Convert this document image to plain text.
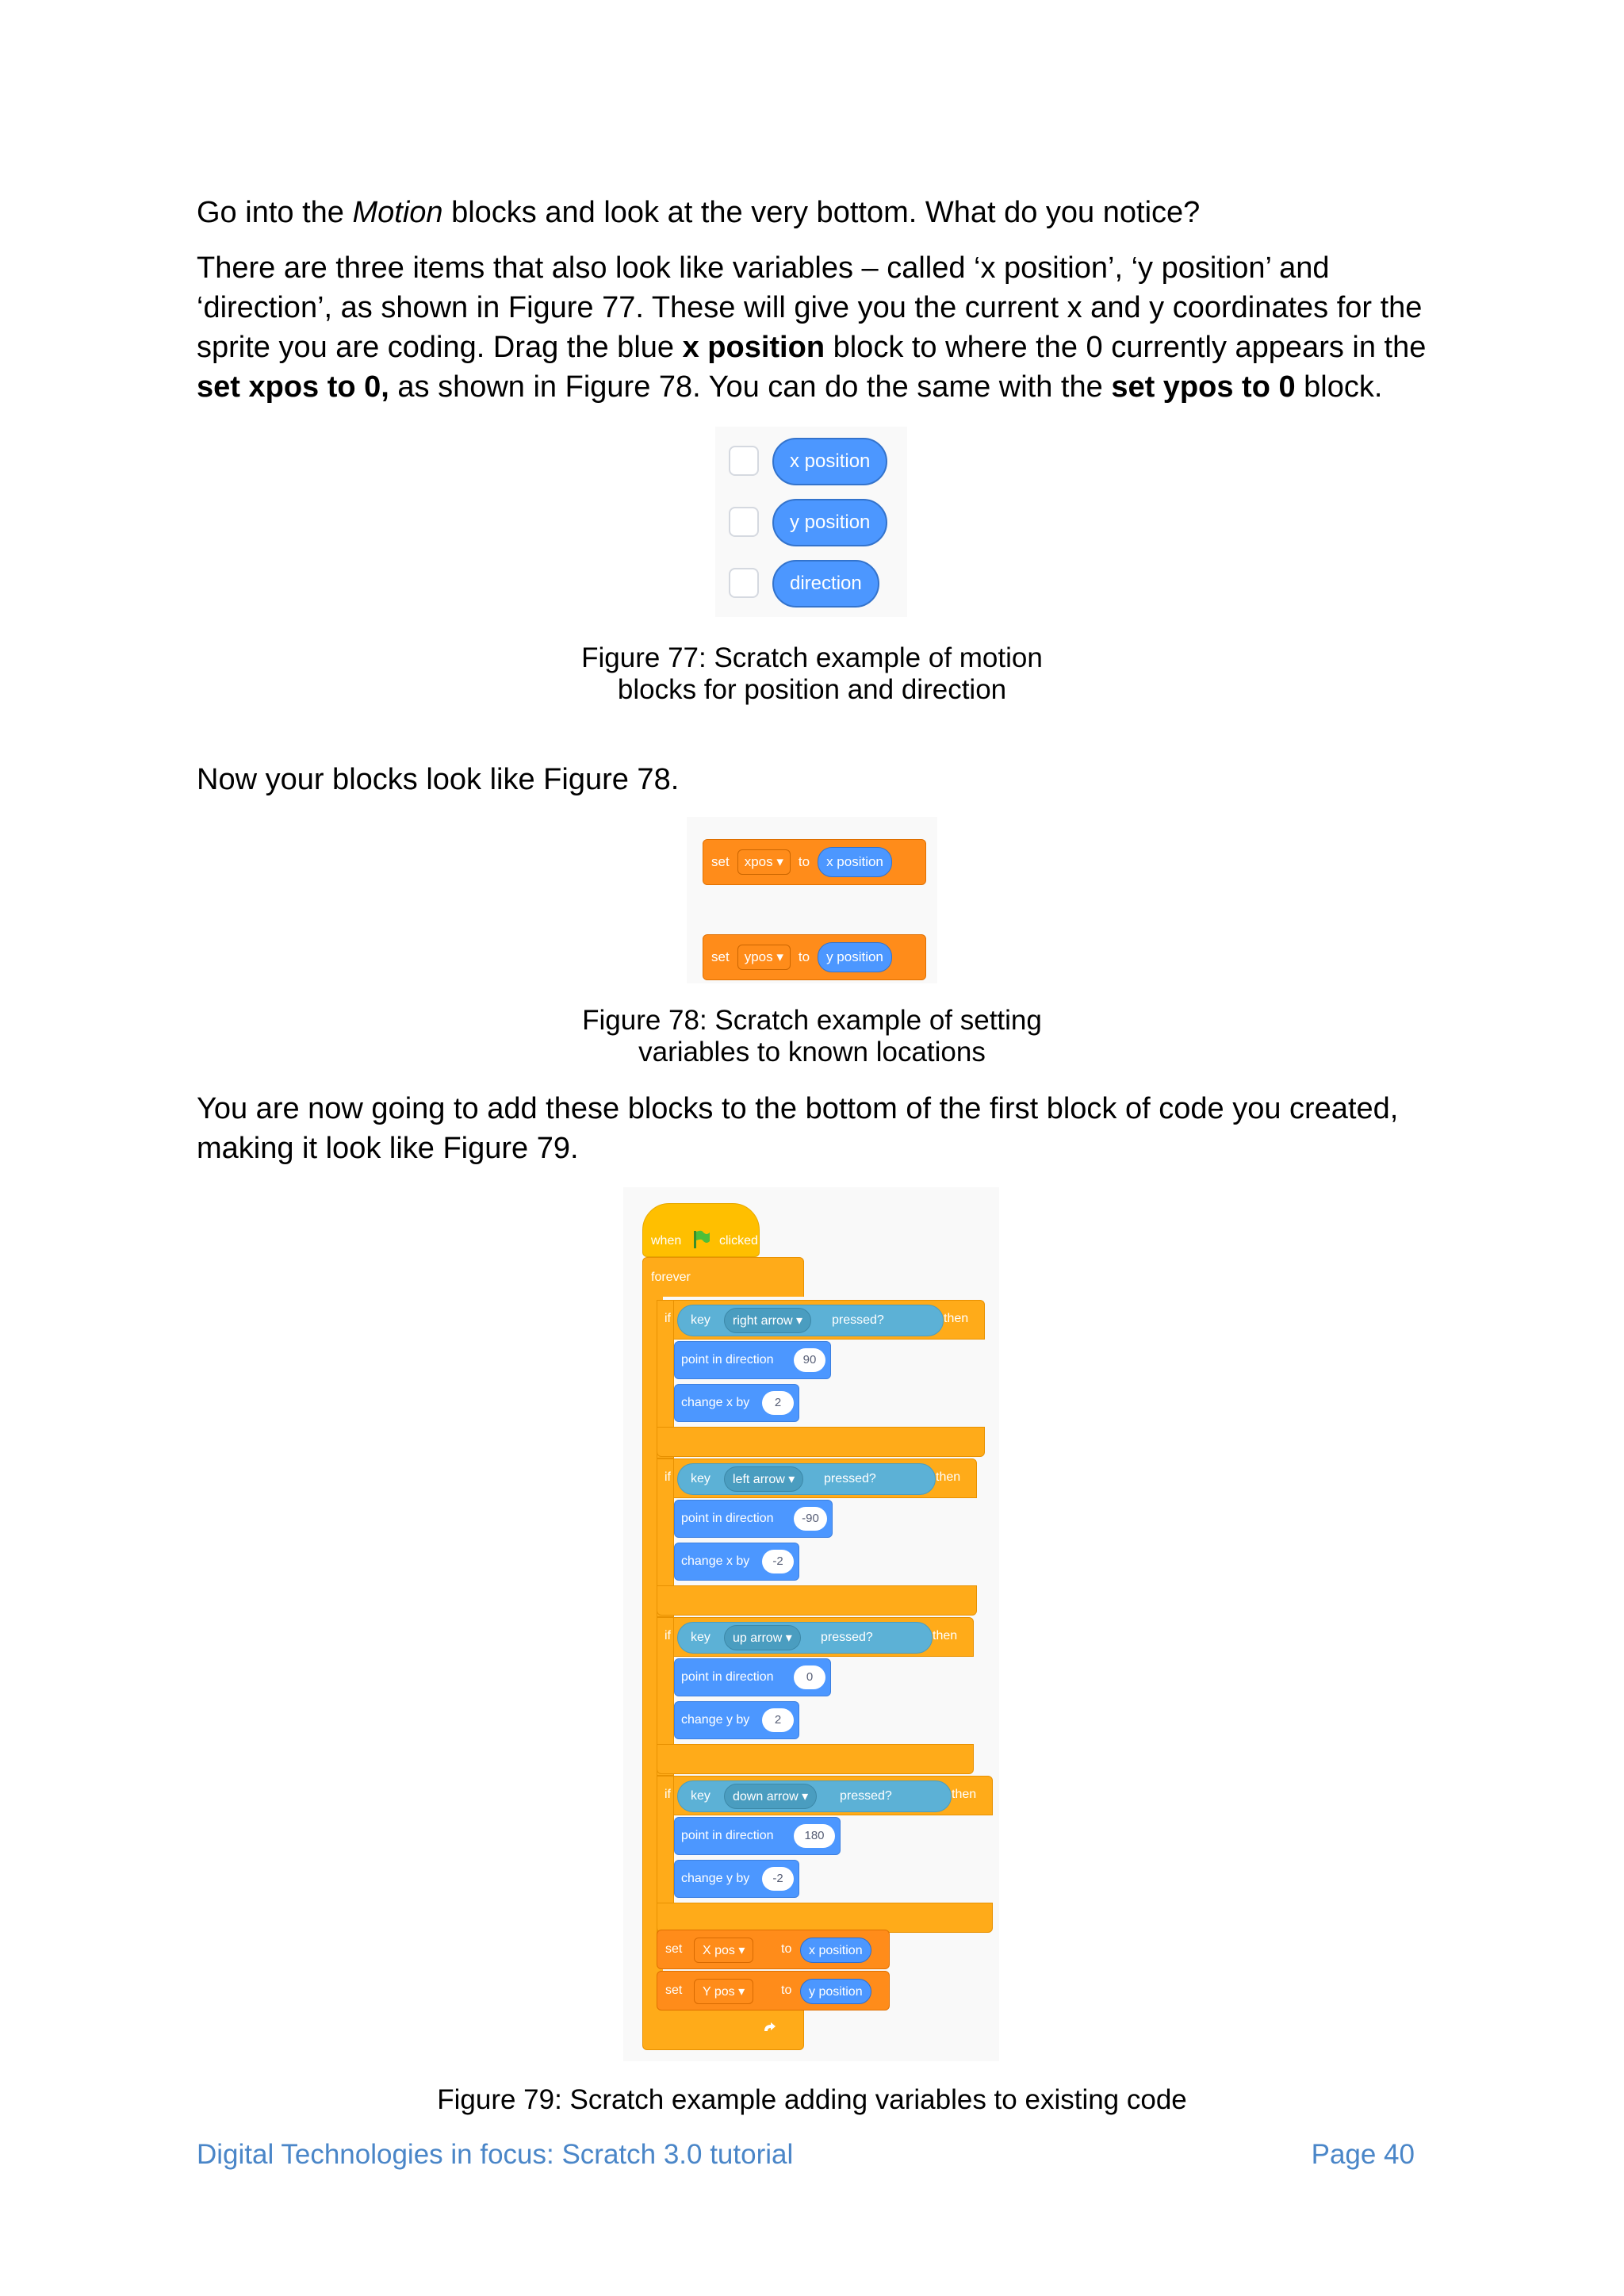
Go into the Motion blocks and look at the very bottom. What do you notice?

There are three items that also look like variables – called ‘x position’, ‘y position’ and ‘direction’, as shown in Figure 77. These will give you the current x and y coordinates for the sprite you are coding. Drag the blue x position block to where the 0 currently appears in the set xpos to 0, as shown in Figure 78. You can do the same with the set ypos to 0 block.

x position
y position
direction

Figure 77: Scratch example of motion

blocks for position and direction

Now your blocks look like Figure 78.

set	xpos ▾	to	x position
set	ypos ▾	to	y position

Figure 78: Scratch example of setting

variables to known locations

You are now going to add these blocks to the bottom of the first block of code you created, making it look like Figure 79.

when	clicked
forever
if key	right arrow ▾	pressed?	then
point in direction	90
change x by	2
if key	left arrow ▾	pressed?	then
point in direction	-90
change x by	-2
if key	up arrow ▾	pressed?	then
point in direction	0
change y by	2
if key	down arrow ▾	pressed?	then
point in direction	180
change y by	-2
set	X pos ▾	to	x position
set	Y pos ▾	to	y position

Figure 79: Scratch example adding variables to existing code

Digital Technologies in focus: Scratch 3.0 tutorial	Page 40
